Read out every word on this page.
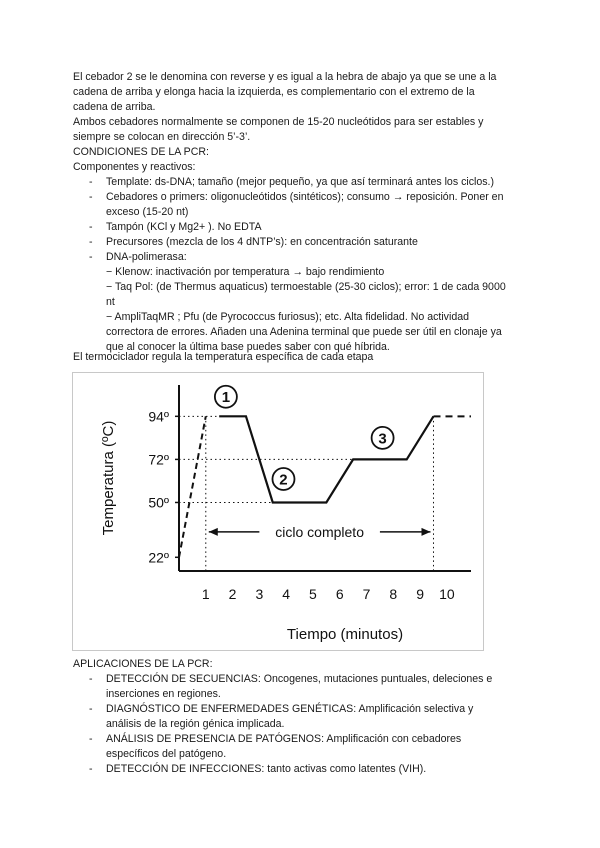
El cebador 2 se le denomina con reverse y es igual a la hebra de abajo ya que se une a la
cadena de arriba y elonga hacia la izquierda, es complementario con el extremo de la
cadena de arriba.

Ambos cebadores normalmente se componen de 15-20 nucleótidos para ser estables y
siempre se colocan en dirección 5’-3’.

CONDICIONES DE LA PCR:

Componentes y reactivos:

- Template: ds-DNA; tamaño (mejor pequeño, ya que así terminará antes los ciclos.)
- Cebadores o primers: oligonucleótidos (sintéticos); consumo → reposición. Poner en
exceso (15-20 nt)
- Tampón (KCl y Mg2+ ). No EDTA
- Precursores (mezcla de los 4 dNTP’s): en concentración saturante
- DNA-polimerasa:
− Klenow: inactivación por temperatura → bajo rendimiento
− Taq Pol: (de Thermus aquaticus) termoestable (25-30 ciclos); error: 1 de cada 9000
nt
− AmpliTaqMR ; Pfu (de Pyrococcus furiosus); etc. Alta fidelidad. No actividad
correctora de errores. Añaden una Adenina terminal que puede ser útil en clonaje ya
que al conocer la última base puedes saber con qué híbrida.

El termociclador regula la temperatura específica de cada etapa

94º
72º
50º
22º
1 2 3 4 5 6 7 8 9 10
Tiempo (minutos)
Temperatura (ºC)
1
2
3
ciclo completo

APLICACIONES DE LA PCR:

- DETECCIÓN DE SECUENCIAS: Oncogenes, mutaciones puntuales, deleciones e
inserciones en regiones.
- DIAGNÓSTICO DE ENFERMEDADES GENÉTICAS: Amplificación selectiva y
análisis de la región génica implicada.
- ANÁLISIS DE PRESENCIA DE PATÓGENOS: Amplificación con cebadores
específicos del patógeno.
- DETECCIÓN DE INFECCIONES: tanto activas como latentes (VIH).
